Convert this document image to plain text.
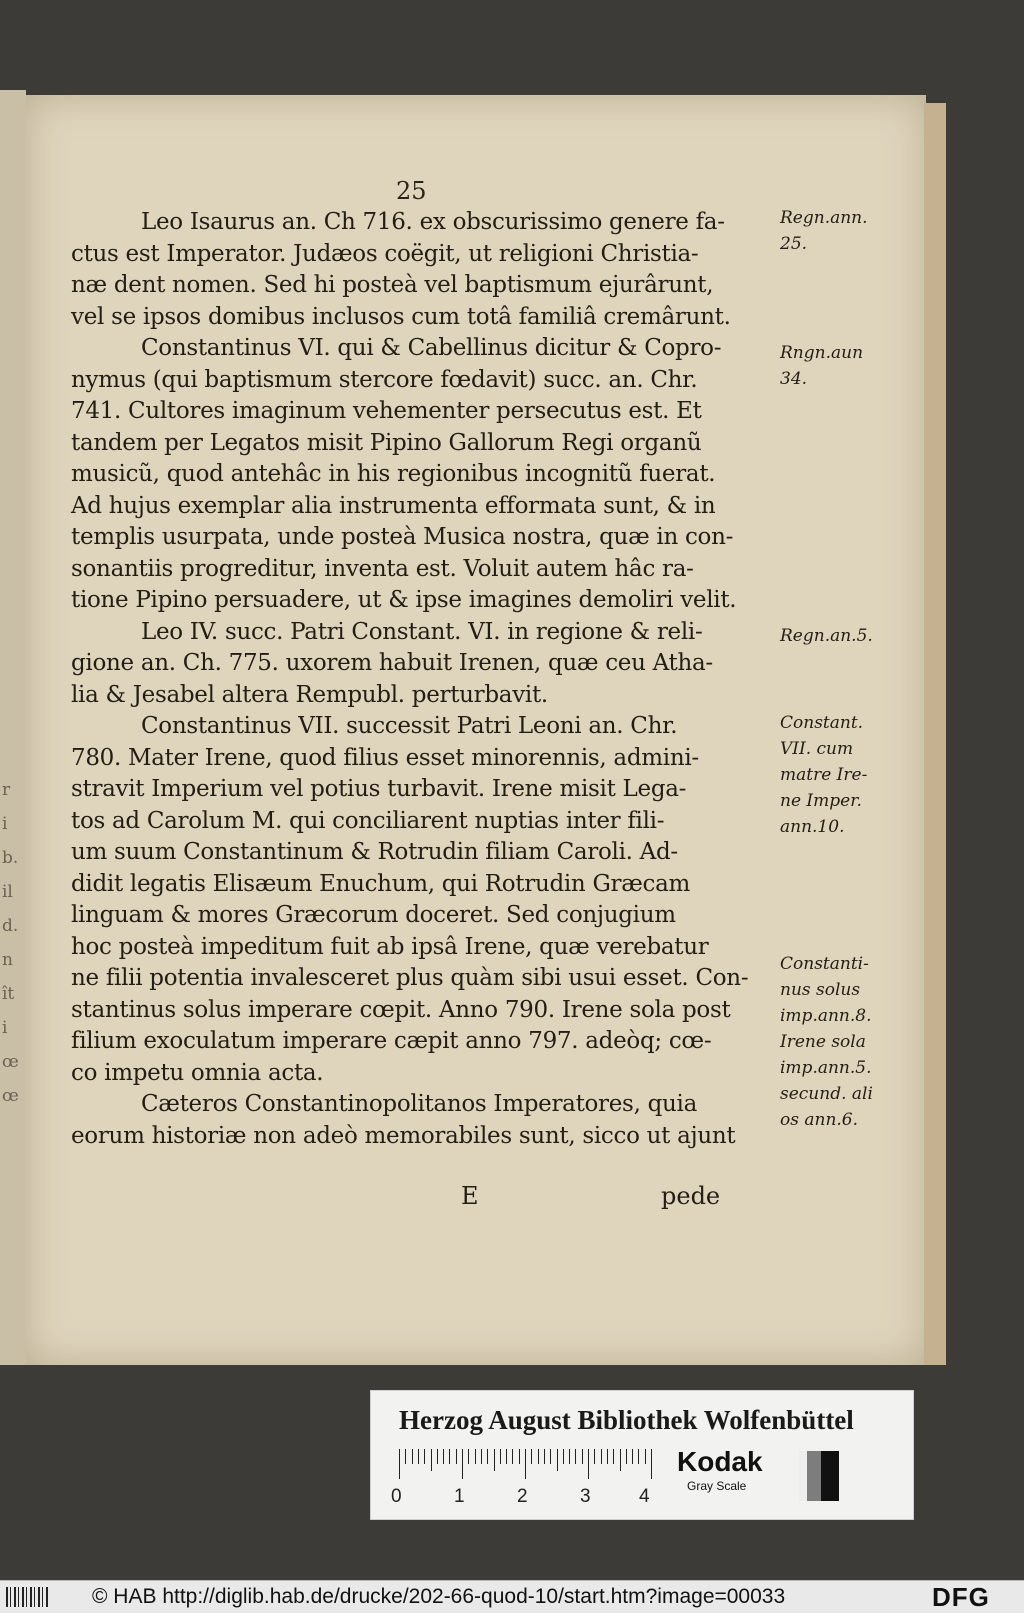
r
i
b.
il
d.
n
ît
i
œ
œ
25
Leo Isaurus an. Ch 716. ex obscurissimo genere fa-
ctus est Imperator. Judæos coëgit, ut religioni Christia-
næ dent nomen. Sed hi posteà vel baptismum ejurârunt,
vel se ipsos domibus inclusos cum totâ familiâ cremârunt.
Constantinus VI. qui & Cabellinus dicitur & Copro-
nymus (qui baptismum stercore fœdavit) succ. an. Chr.
741. Cultores imaginum vehementer persecutus est. Et
tandem per Legatos misit Pipino Gallorum Regi organũ
musicũ, quod antehâc in his regionibus incognitũ fuerat.
Ad hujus exemplar alia instrumenta efformata sunt, & in
templis usurpata, unde posteà Musica nostra, quæ in con-
sonantiis progreditur, inventa est. Voluit autem hâc ra-
tione Pipino persuadere, ut & ipse imagines demoliri velit.
Leo IV. succ. Patri Constant. VI. in regione & reli-
gione an. Ch. 775. uxorem habuit Irenen, quæ ceu Atha-
lia & Jesabel altera Rempubl. perturbavit.
Constantinus VII. successit Patri Leoni an. Chr.
780. Mater Irene, quod filius esset minorennis, admini-
stravit Imperium vel potius turbavit. Irene misit Lega-
tos ad Carolum M. qui conciliarent nuptias inter fili-
um suum Constantinum & Rotrudin filiam Caroli. Ad-
didit legatis Elisæum Enuchum, qui Rotrudin Græcam
linguam & mores Græcorum doceret. Sed conjugium
hoc posteà impeditum fuit ab ipsâ Irene, quæ verebatur
ne filii potentia invalesceret plus quàm sibi usui esset. Con-
stantinus solus imperare cœpit. Anno 790. Irene sola post
filium exoculatum imperare cæpit anno 797. adeòq; cœ-
co impetu omnia acta.
Cæteros Constantinopolitanos Imperatores, quia
eorum historiæ non adeò memorabiles sunt, sicco ut ajunt
E	pede
Regn.ann.
25.
Rngn.aun
34.
Regn.an.5.
Constant.
VII. cum
matre Ire-
ne Imper.
ann.10.
Constanti-
nus solus
imp.ann.8.
Irene sola
imp.ann.5.
secund. ali
os ann.6.
Herzog August Bibliothek Wolfenbüttel
0	1	2	3	4
Kodak
Gray Scale
© HAB http://diglib.hab.de/drucke/202-66-quod-10/start.htm?image=00033	DFG
